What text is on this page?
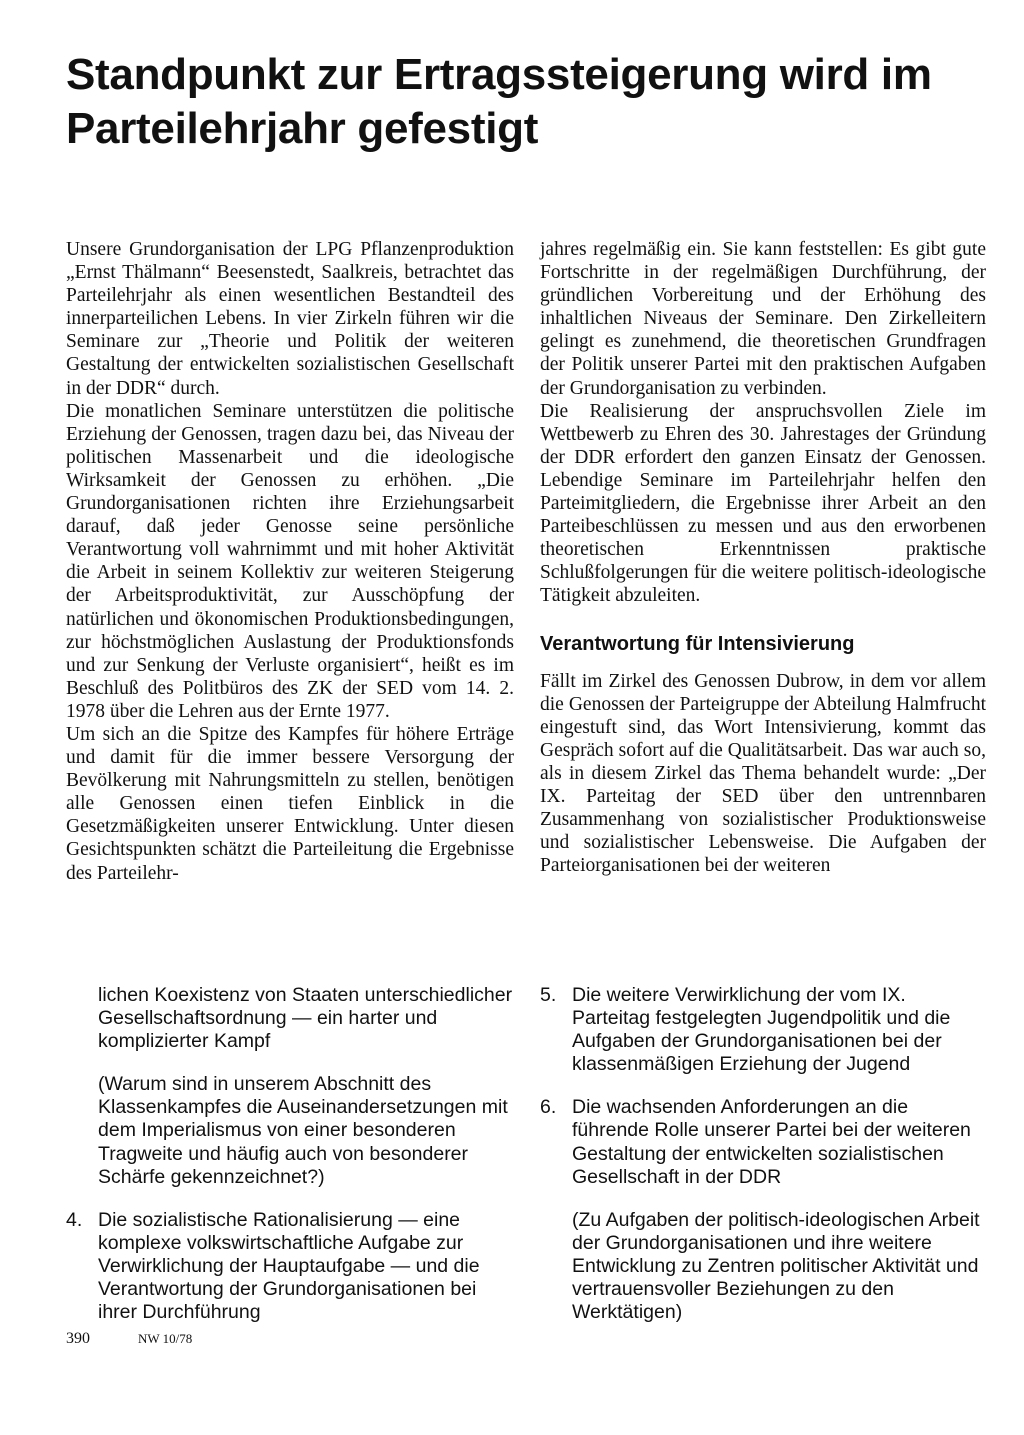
Standpunkt zur Ertragssteigerung wird im Parteilehrjahr gefestigt

Unsere Grundorganisation der LPG Pflanzenproduktion „Ernst Thälmann“ Beesenstedt, Saalkreis, betrachtet das Parteilehrjahr als einen wesentlichen Bestandteil des innerparteilichen Lebens. In vier Zirkeln führen wir die Seminare zur „Theorie und Politik der weiteren Gestaltung der entwickelten sozialistischen Gesellschaft in der DDR“ durch.

Die monatlichen Seminare unterstützen die politische Erziehung der Genossen, tragen dazu bei, das Niveau der politischen Massenarbeit und die ideologische Wirksamkeit der Genossen zu erhöhen. „Die Grundorganisationen richten ihre Erziehungsarbeit darauf, daß jeder Genosse seine persönliche Verantwortung voll wahrnimmt und mit hoher Aktivität die Arbeit in seinem Kollektiv zur weiteren Steigerung der Arbeitsproduktivität, zur Ausschöpfung der natürlichen und ökonomischen Produktionsbedingungen, zur höchstmöglichen Auslastung der Produktionsfonds und zur Senkung der Verluste organisiert“, heißt es im Beschluß des Politbüros des ZK der SED vom 14. 2. 1978 über die Lehren aus der Ernte 1977.

Um sich an die Spitze des Kampfes für höhere Erträge und damit für die immer bessere Versorgung der Bevölkerung mit Nahrungsmitteln zu stellen, benötigen alle Genossen einen tiefen Einblick in die Gesetzmäßigkeiten unserer Entwicklung. Unter diesen Gesichtspunkten schätzt die Parteileitung die Ergebnisse des Parteilehr-

jahres regelmäßig ein. Sie kann feststellen: Es gibt gute Fortschritte in der regelmäßigen Durchführung, der gründlichen Vorbereitung und der Erhöhung des inhaltlichen Niveaus der Seminare. Den Zirkelleitern gelingt es zunehmend, die theoretischen Grundfragen der Politik unserer Partei mit den praktischen Aufgaben der Grundorganisation zu verbinden.

Die Realisierung der anspruchsvollen Ziele im Wettbewerb zu Ehren des 30. Jahrestages der Gründung der DDR erfordert den ganzen Einsatz der Genossen. Lebendige Seminare im Parteilehrjahr helfen den Parteimitgliedern, die Ergebnisse ihrer Arbeit an den Parteibeschlüssen zu messen und aus den erworbenen theoretischen Erkenntnissen praktische Schlußfolgerungen für die weitere politisch-ideologische Tätigkeit abzuleiten.

Verantwortung für Intensivierung

Fällt im Zirkel des Genossen Dubrow, in dem vor allem die Genossen der Parteigruppe der Abteilung Halmfrucht eingestuft sind, das Wort Intensivierung, kommt das Gespräch sofort auf die Qualitätsarbeit. Das war auch so, als in diesem Zirkel das Thema behandelt wurde: „Der IX. Parteitag der SED über den untrennbaren Zusammenhang von sozialistischer Produktionsweise und sozialistischer Lebensweise. Die Aufgaben der Parteiorganisationen bei der weiteren

lichen Koexistenz von Staaten unterschiedlicher Gesellschaftsordnung — ein harter und komplizierter Kampf

(Warum sind in unserem Abschnitt des Klassenkampfes die Auseinandersetzungen mit dem Imperialismus von einer besonderen Tragweite und häufig auch von besonderer Schärfe gekennzeichnet?)

4. Die sozialistische Rationalisierung — eine komplexe volkswirtschaftliche Aufgabe zur Verwirklichung der Hauptaufgabe — und die Verantwortung der Grundorganisationen bei ihrer Durchführung
5. Die weitere Verwirklichung der vom IX. Parteitag festgelegten Jugendpolitik und die Aufgaben der Grundorganisationen bei der klassenmäßigen Erziehung der Jugend
6. Die wachsenden Anforderungen an die führende Rolle unserer Partei bei der weiteren Gestaltung der entwickelten sozialistischen Gesellschaft in der DDR

(Zu Aufgaben der politisch-ideologischen Arbeit der Grundorganisationen und ihre weitere Entwicklung zu Zentren politischer Aktivität und vertrauensvoller Beziehungen zu den Werktätigen)

390	NW 10/78
